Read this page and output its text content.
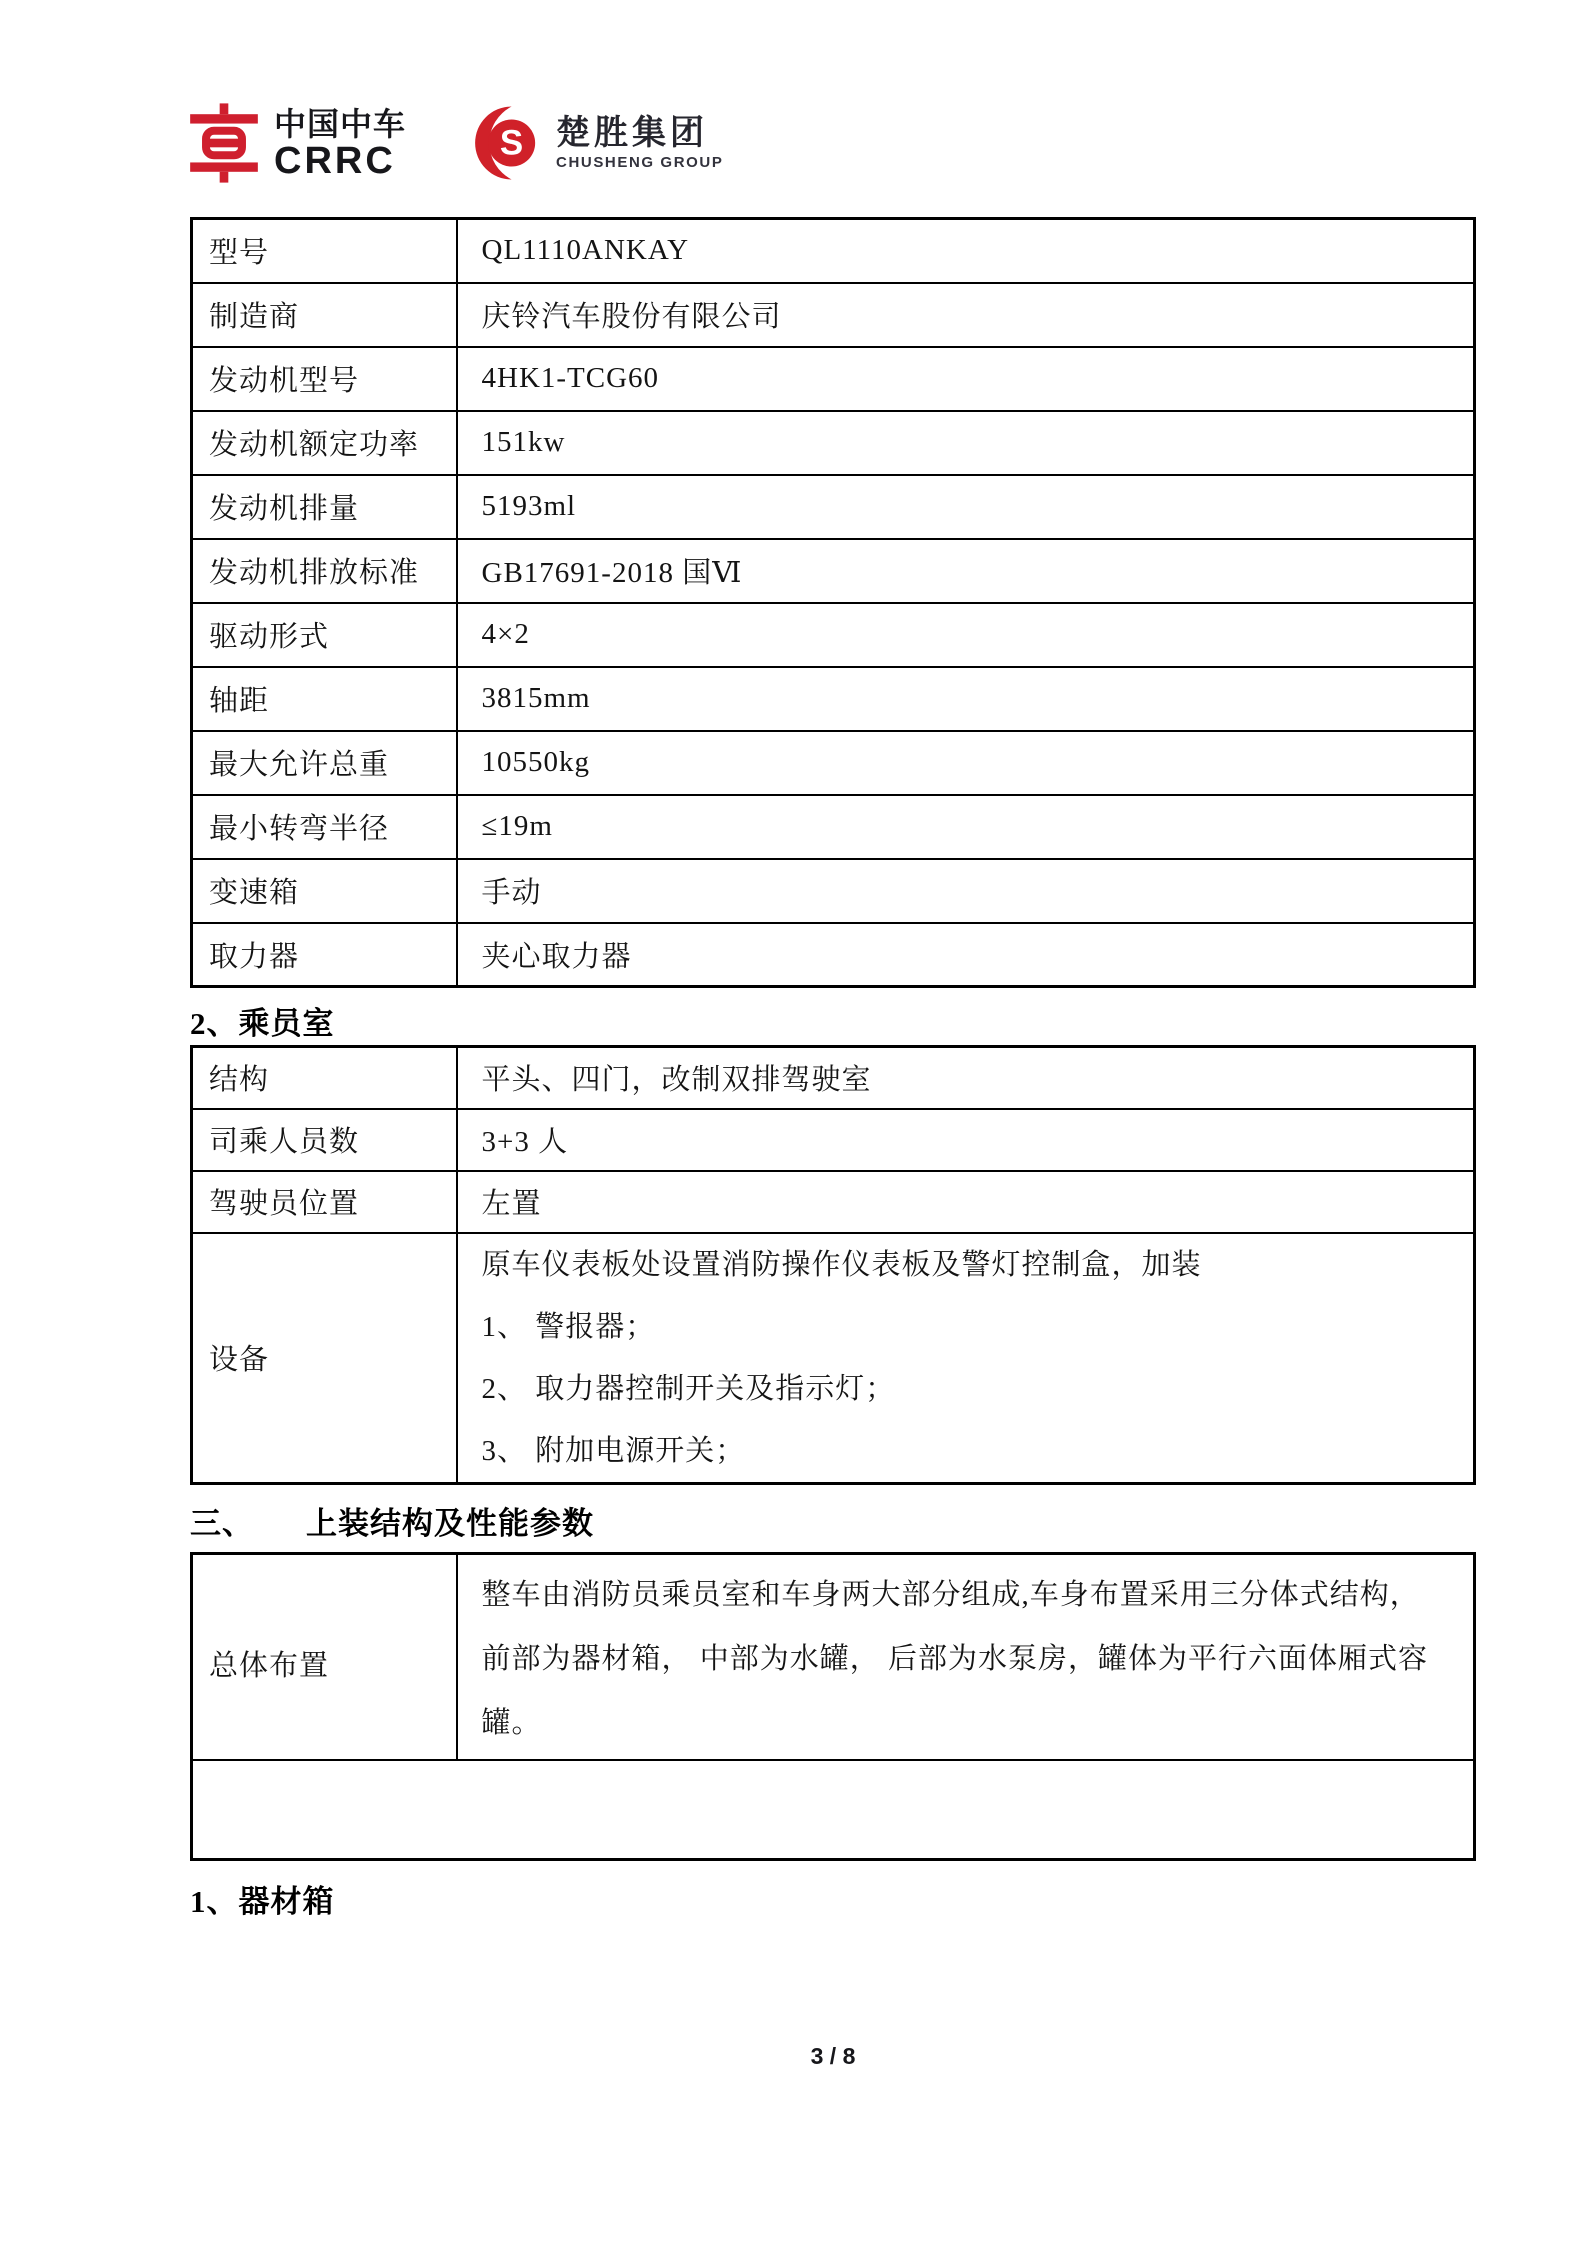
中国中车
CRRC S 楚胜集团
CHUSHENG GROUP
型号	QL1110ANKAY
制造商	庆铃汽车股份有限公司
发动机型号	4HK1-TCG60
发动机额定功率	151kw
发动机排量	5193ml
发动机排放标准	GB17691-2018 国Ⅵ
驱动形式	4×2
轴距	3815mm
最大允许总重	10550kg
最小转弯半径	≤19m
变速箱	手动
取力器	夹心取力器
2、乘员室
结构	平头、四门，改制双排驾驶室
司乘人员数	3+3 人
驾驶员位置	左置
设备	原车仪表板处设置消防操作仪表板及警灯控制盒，加装
1、 警报器；
2、 取力器控制开关及指示灯；
3、 附加电源开关；
三、 上装结构及性能参数
总体布置	
整车由消防员乘员室和车身两大部分组成,车身布置采用三分体式结构，
前部为器材箱， 中部为水罐， 后部为水泵房，罐体为平行六面体厢式容
罐。

1、器材箱
3 / 8
